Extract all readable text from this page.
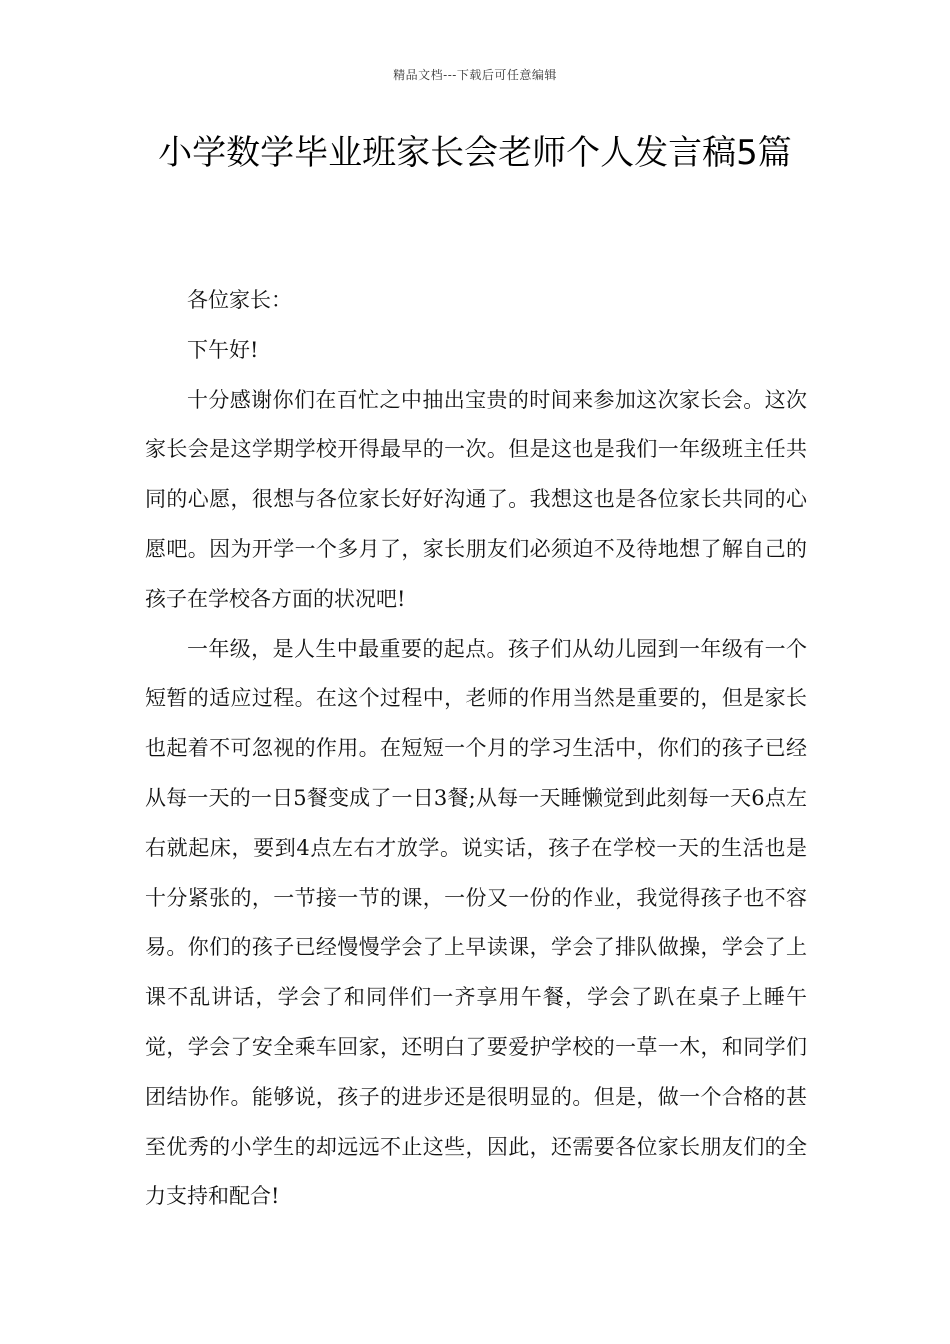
精品文档---下载后可任意编辑
小学数学毕业班家长会老师个人发言稿5篇

各位家长：

下午好!

十分感谢你们在百忙之中抽出宝贵的时间来参加这次家长会。这次家长会是这学期学校开得最早的一次。但是这也是我们一年级班主任共同的心愿，很想与各位家长好好沟通了。我想这也是各位家长共同的心愿吧。因为开学一个多月了，家长朋友们必须迫不及待地想了解自己的孩子在学校各方面的状况吧!

一年级，是人生中最重要的起点。孩子们从幼儿园到一年级有一个短暂的适应过程。在这个过程中，老师的作用当然是重要的，但是家长也起着不可忽视的作用。在短短一个月的学习生活中，你们的孩子已经从每一天的一日5餐变成了一日3餐;从每一天睡懒觉到此刻每一天6点左右就起床，要到4点左右才放学。说实话，孩子在学校一天的生活也是十分紧张的，一节接一节的课，一份又一份的作业，我觉得孩子也不容易。你们的孩子已经慢慢学会了上早读课，学会了排队做操，学会了上课不乱讲话，学会了和同伴们一齐享用午餐，学会了趴在桌子上睡午觉，学会了安全乘车回家，还明白了要爱护学校的一草一木，和同学们团结协作。能够说，孩子的进步还是很明显的。但是，做一个合格的甚至优秀的小学生的却远远不止这些，因此，还需要各位家长朋友们的全力支持和配合!
